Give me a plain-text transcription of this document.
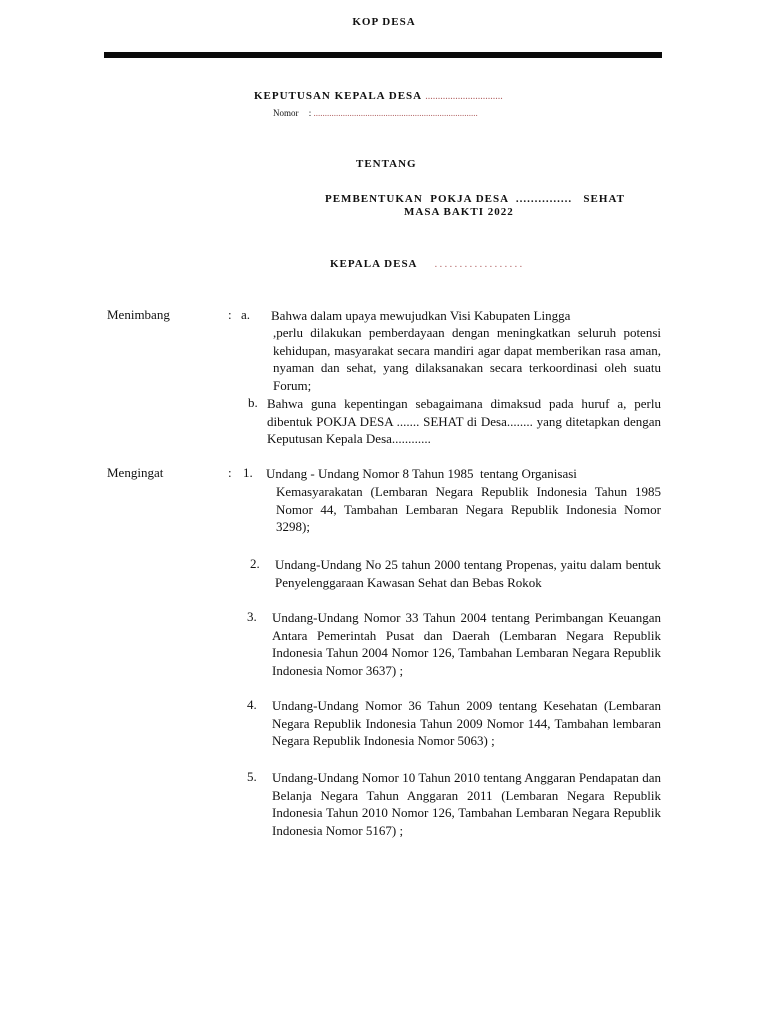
KOP DESA
KEPUTUSAN KEPALA DESA ...............................
Nomor : .........................................................................
TENTANG
PEMBENTUKAN  POKJA DESA  ...............   SEHAT
MASA BAKTI 2022
KEPALA DESA . . . . . . . . . . . . . . . . . .
Menimbang	: a. Bahwa dalam upaya mewujudkan Visi Kabupaten Lingga
,perlu dilakukan pemberdayaan dengan meningkatkan seluruh potensi kehidupan, masyarakat secara mandiri agar dapat memberikan rasa aman, nyaman dan sehat, yang dilaksanakan secara terkoordinasi oleh suatu Forum;
b. Bahwa guna kepentingan sebagaimana dimaksud pada huruf a, perlu dibentuk POKJA DESA ....... SEHAT di Desa........ yang ditetapkan dengan Keputusan Kepala Desa............
Mengingat	: 1. Undang - Undang Nomor 8 Tahun 1985  tentang Organisasi
Kemasyarakatan (Lembaran Negara Republik Indonesia Tahun 1985 Nomor 44, Tambahan Lembaran Negara Republik Indonesia Nomor 3298);
2. Undang-Undang No 25 tahun 2000 tentang Propenas, yaitu dalam bentuk Penyelenggaraan Kawasan Sehat dan Bebas Rokok
3. Undang-Undang Nomor 33 Tahun 2004 tentang Perimbangan Keuangan Antara Pemerintah Pusat dan Daerah (Lembaran Negara Republik Indonesia Tahun 2004 Nomor 126, Tambahan Lembaran Negara Republik Indonesia Nomor 3637) ;
4. Undang-Undang Nomor 36 Tahun 2009 tentang Kesehatan (Lembaran Negara Republik Indonesia Tahun 2009 Nomor 144, Tambahan lembaran Negara Republik Indonesia Nomor 5063) ;
5. Undang-Undang Nomor 10 Tahun 2010 tentang Anggaran Pendapatan dan Belanja Negara Tahun Anggaran 2011 (Lembaran Negara Republik Indonesia Tahun 2010 Nomor 126, Tambahan Lembaran Negara Republik Indonesia Nomor 5167) ;
